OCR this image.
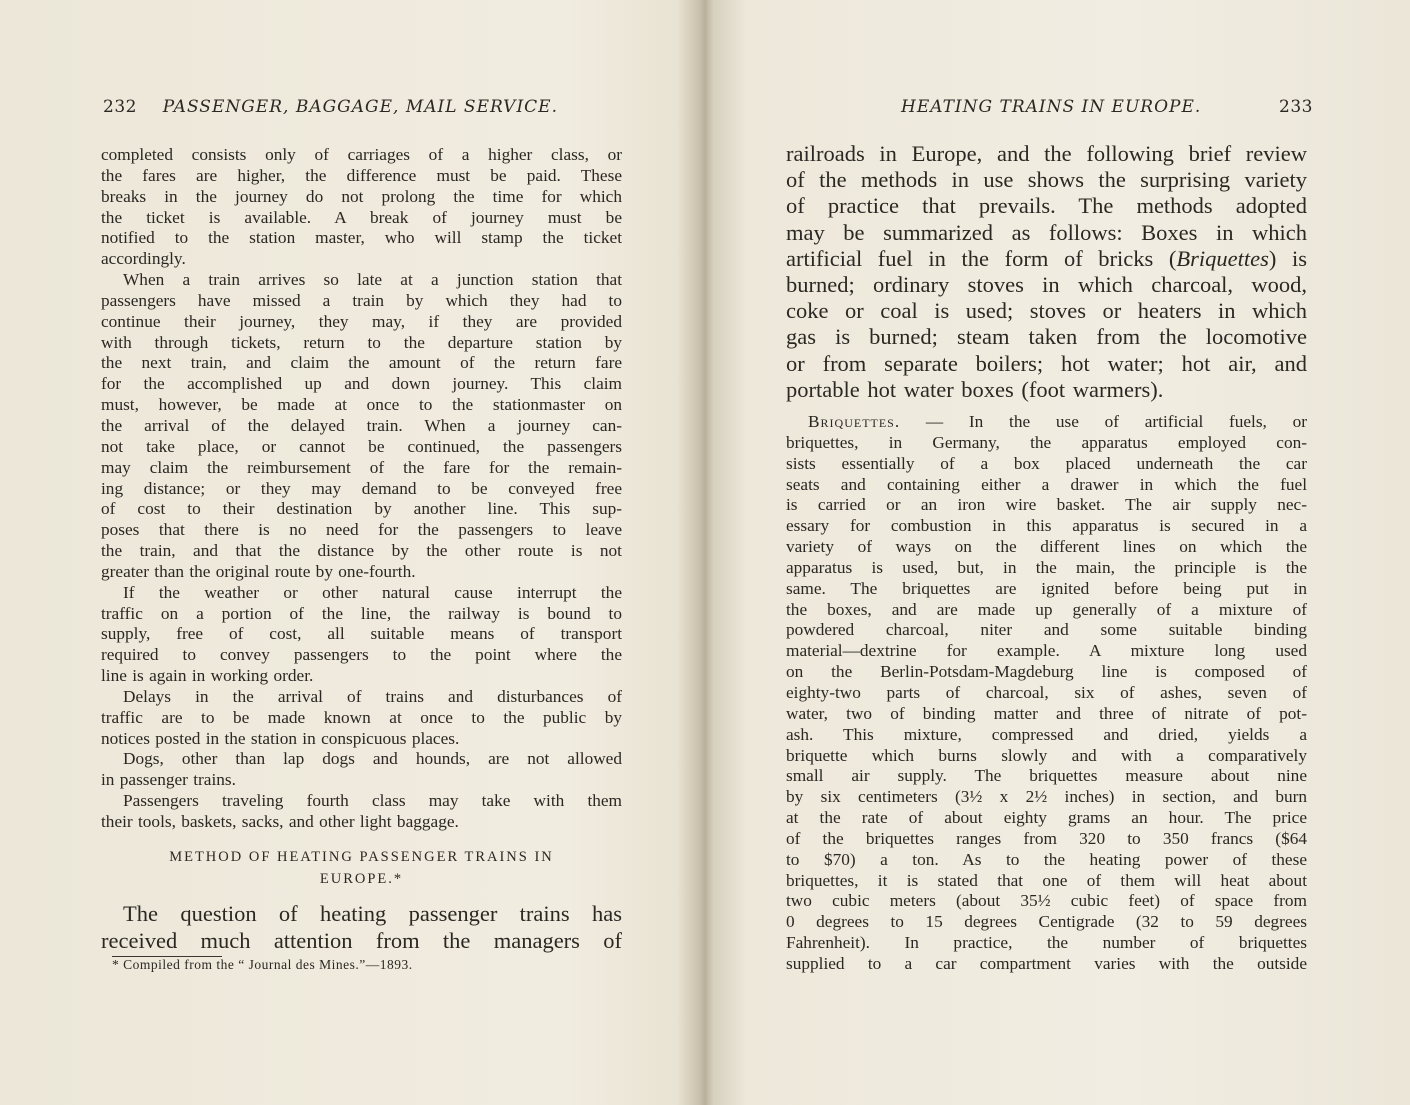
232 PASSENGER, BAGGAGE, MAIL SERVICE.
completed consists only of carriages of a higher class, or
the fares are higher, the difference must be paid. These
breaks in the journey do not prolong the time for which
the ticket is available. A break of journey must be
notified to the station master, who will stamp the ticket
accordingly.
When a train arrives so late at a junction station that
passengers have missed a train by which they had to
continue their journey, they may, if they are provided
with through tickets, return to the departure station by
the next train, and claim the amount of the return fare
for the accomplished up and down journey. This claim
must, however, be made at once to the stationmaster on
the arrival of the delayed train. When a journey can-
not take place, or cannot be continued, the passengers
may claim the reimbursement of the fare for the remain-
ing distance; or they may demand to be conveyed free
of cost to their destination by another line. This sup-
poses that there is no need for the passengers to leave
the train, and that the distance by the other route is not
greater than the original route by one-fourth.
If the weather or other natural cause interrupt the
traffic on a portion of the line, the railway is bound to
supply, free of cost, all suitable means of transport
required to convey passengers to the point where the
line is again in working order.
Delays in the arrival of trains and disturbances of
traffic are to be made known at once to the public by
notices posted in the station in conspicuous places.
Dogs, other than lap dogs and hounds, are not allowed
in passenger trains.
Passengers traveling fourth class may take with them
their tools, baskets, sacks, and other light baggage.
METHOD OF HEATING PASSENGER TRAINS IN
EUROPE.*
The question of heating passenger trains has
received much attention from the managers of
* Compiled from the “ Journal des Mines.”—1893.
HEATING TRAINS IN EUROPE.	233
railroads in Europe, and the following brief review
of the methods in use shows the surprising variety
of practice that prevails. The methods adopted
may be summarized as follows: Boxes in which
artificial fuel in the form of bricks (Briquettes) is
burned; ordinary stoves in which charcoal, wood,
coke or coal is used; stoves or heaters in which
gas is burned; steam taken from the locomotive
or from separate boilers; hot water; hot air, and
portable hot water boxes (foot warmers).
Briquettes. — In the use of artificial fuels, or
briquettes, in Germany, the apparatus employed con-
sists essentially of a box placed underneath the car
seats and containing either a drawer in which the fuel
is carried or an iron wire basket. The air supply nec-
essary for combustion in this apparatus is secured in a
variety of ways on the different lines on which the
apparatus is used, but, in the main, the principle is the
same. The briquettes are ignited before being put in
the boxes, and are made up generally of a mixture of
powdered charcoal, niter and some suitable binding
material—dextrine for example. A mixture long used
on the Berlin-Potsdam-Magdeburg line is composed of
eighty-two parts of charcoal, six of ashes, seven of
water, two of binding matter and three of nitrate of pot-
ash. This mixture, compressed and dried, yields a
briquette which burns slowly and with a comparatively
small air supply. The briquettes measure about nine
by six centimeters (3½ x 2½ inches) in section, and burn
at the rate of about eighty grams an hour. The price
of the briquettes ranges from 320 to 350 francs ($64
to $70) a ton. As to the heating power of these
briquettes, it is stated that one of them will heat about
two cubic meters (about 35½ cubic feet) of space from
0 degrees to 15 degrees Centigrade (32 to 59 degrees
Fahrenheit). In practice, the number of briquettes
supplied to a car compartment varies with the outside
